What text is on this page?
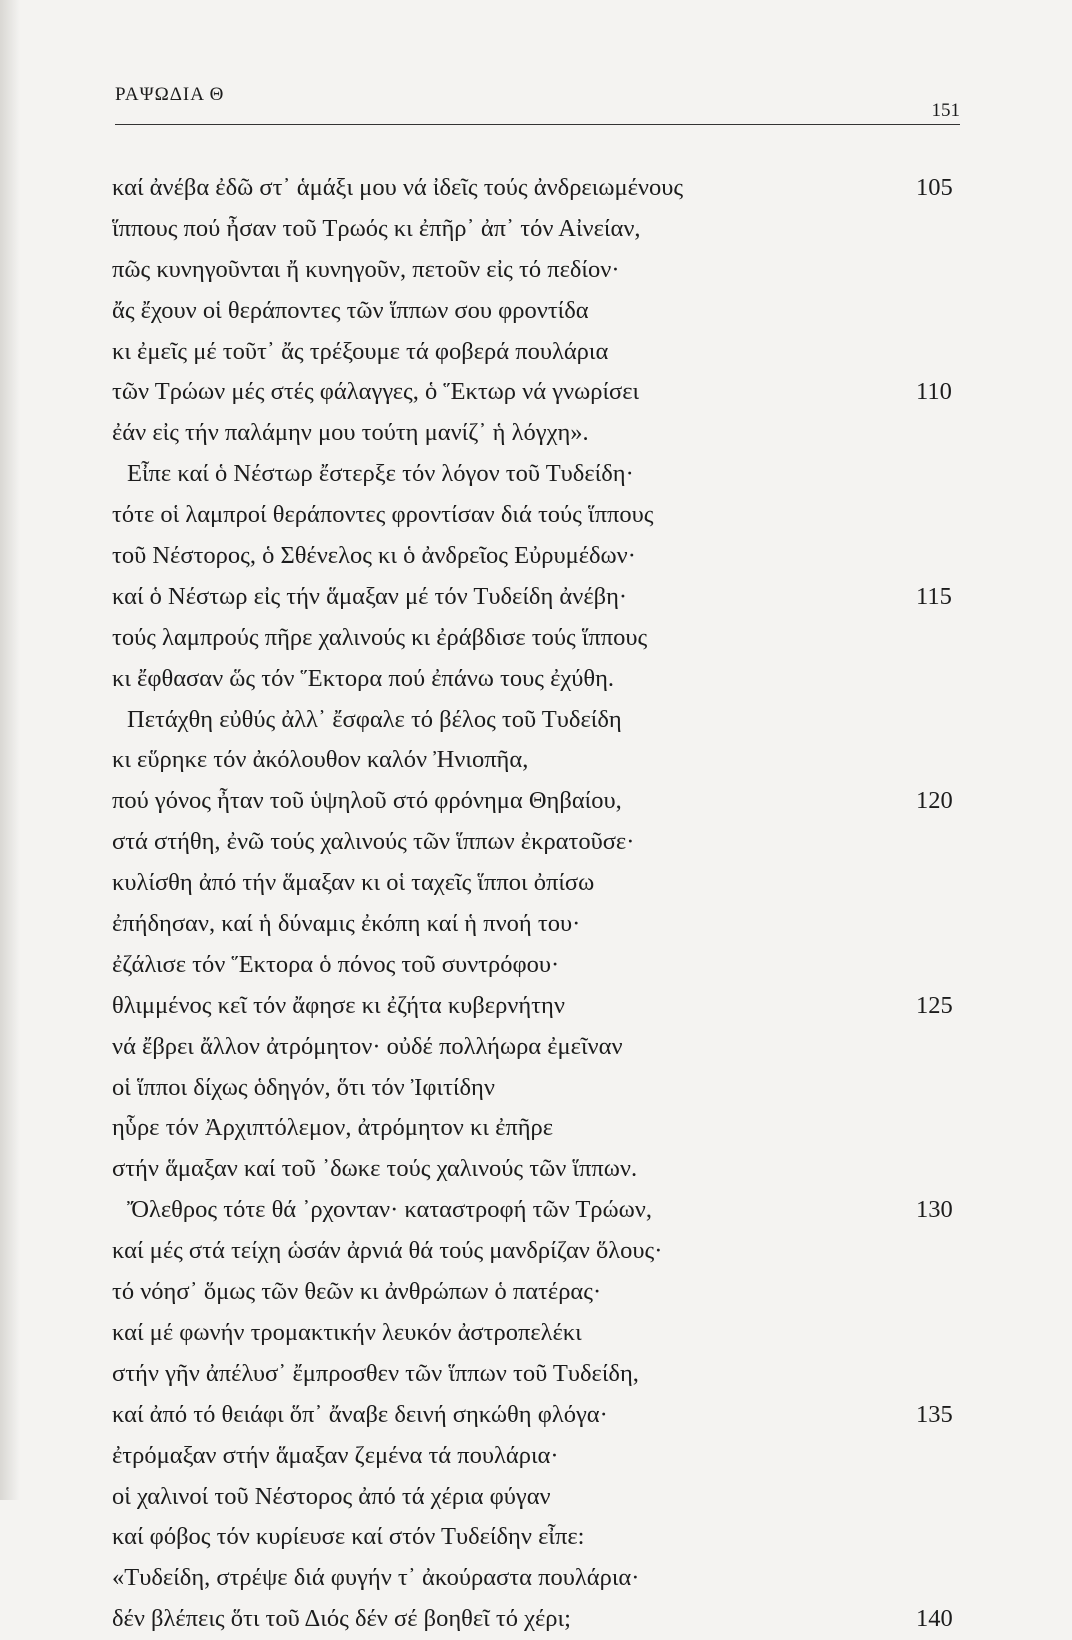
ΡΑΨΩΔΙΑ Θ
151
καί ἀνέβα ἐδῶ στ᾽ ἁμάξι μου νά ἰδεῖς τούς ἀνδρειωμένους	105
ἵππους πού ἦσαν τοῦ Τρωός κι ἐπῆρ᾽ ἀπ᾽ τόν Αἰνείαν,
πῶς κυνηγοῦνται ἤ κυνηγοῦν, πετοῦν εἰς τό πεδίον·
ἄς ἔχουν οἱ θεράποντες τῶν ἵππων σου φροντίδα
κι ἐμεῖς μέ τοῦτ᾽ ἄς τρέξουμε τά φοβερά πουλάρια
τῶν Τρώων μές στές φάλαγγες, ὁ Ἕκτωρ νά γνωρίσει	110
ἐάν εἰς τήν παλάμην μου τούτη μανίζ᾽ ἡ λόγχη».
Εἶπε καί ὁ Νέστωρ ἔστερξε τόν λόγον τοῦ Τυδείδη·
τότε οἱ λαμπροί θεράποντες φροντίσαν διά τούς ἵππους
τοῦ Νέστορος, ὁ Σθένελος κι ὁ ἀνδρεῖος Εὐρυμέδων·
καί ὁ Νέστωρ εἰς τήν ἅμαξαν μέ τόν Τυδείδη ἀνέβη·	115
τούς λαμπρούς πῆρε χαλινούς κι ἐράβδισε τούς ἵππους
κι ἔφθασαν ὥς τόν Ἕκτορα πού ἐπάνω τους ἐχύθη.
Πετάχθη εὐθύς ἀλλ᾽ ἔσφαλε τό βέλος τοῦ Τυδείδη
κι εὕρηκε τόν ἀκόλουθον καλόν Ἠνιοπῆα,
πού γόνος ἦταν τοῦ ὑψηλοῦ στό φρόνημα Θηβαίου,	120
στά στήθη, ἐνῶ τούς χαλινούς τῶν ἵππων ἐκρατοῦσε·
κυλίσθη ἀπό τήν ἅμαξαν κι οἱ ταχεῖς ἵπποι ὀπίσω
ἐπήδησαν, καί ἡ δύναμις ἐκόπη καί ἡ πνοή του·
ἐζάλισε τόν Ἕκτορα ὁ πόνος τοῦ συντρόφου·
θλιμμένος κεῖ τόν ἄφησε κι ἐζήτα κυβερνήτην	125
νά ἔβρει ἄλλον ἀτρόμητον· οὐδέ πολλήωρα ἐμεῖναν
οἱ ἵπποι δίχως ὁδηγόν, ὅτι τόν Ἰφιτίδην
ηὗρε τόν Ἀρχιπτόλεμον, ἀτρόμητον κι ἐπῆρε
στήν ἅμαξαν καί τοῦ ᾽δωκε τούς χαλινούς τῶν ἵππων.
Ὄλεθρος τότε θά ᾽ρχονταν· καταστροφή τῶν Τρώων,	130
καί μές στά τείχη ὡσάν ἀρνιά θά τούς μανδρίζαν ὅλους·
τό νόησ᾽ ὅμως τῶν θεῶν κι ἀνθρώπων ὁ πατέρας·
καί μέ φωνήν τρομακτικήν λευκόν ἀστροπελέκι
στήν γῆν ἀπέλυσ᾽ ἔμπροσθεν τῶν ἵππων τοῦ Τυδείδη,
καί ἀπό τό θειάφι ὅπ᾽ ἄναβε δεινή σηκώθη φλόγα·	135
ἐτρόμαξαν στήν ἅμαξαν ζεμένα τά πουλάρια·
οἱ χαλινοί τοῦ Νέστορος ἀπό τά χέρια φύγαν
καί φόβος τόν κυρίευσε καί στόν Τυδείδην εἶπε:
«Τυδείδη, στρέψε διά φυγήν τ᾽ ἀκούραστα πουλάρια·
δέν βλέπεις ὅτι τοῦ Διός δέν σέ βοηθεῖ τό χέρι;	140
